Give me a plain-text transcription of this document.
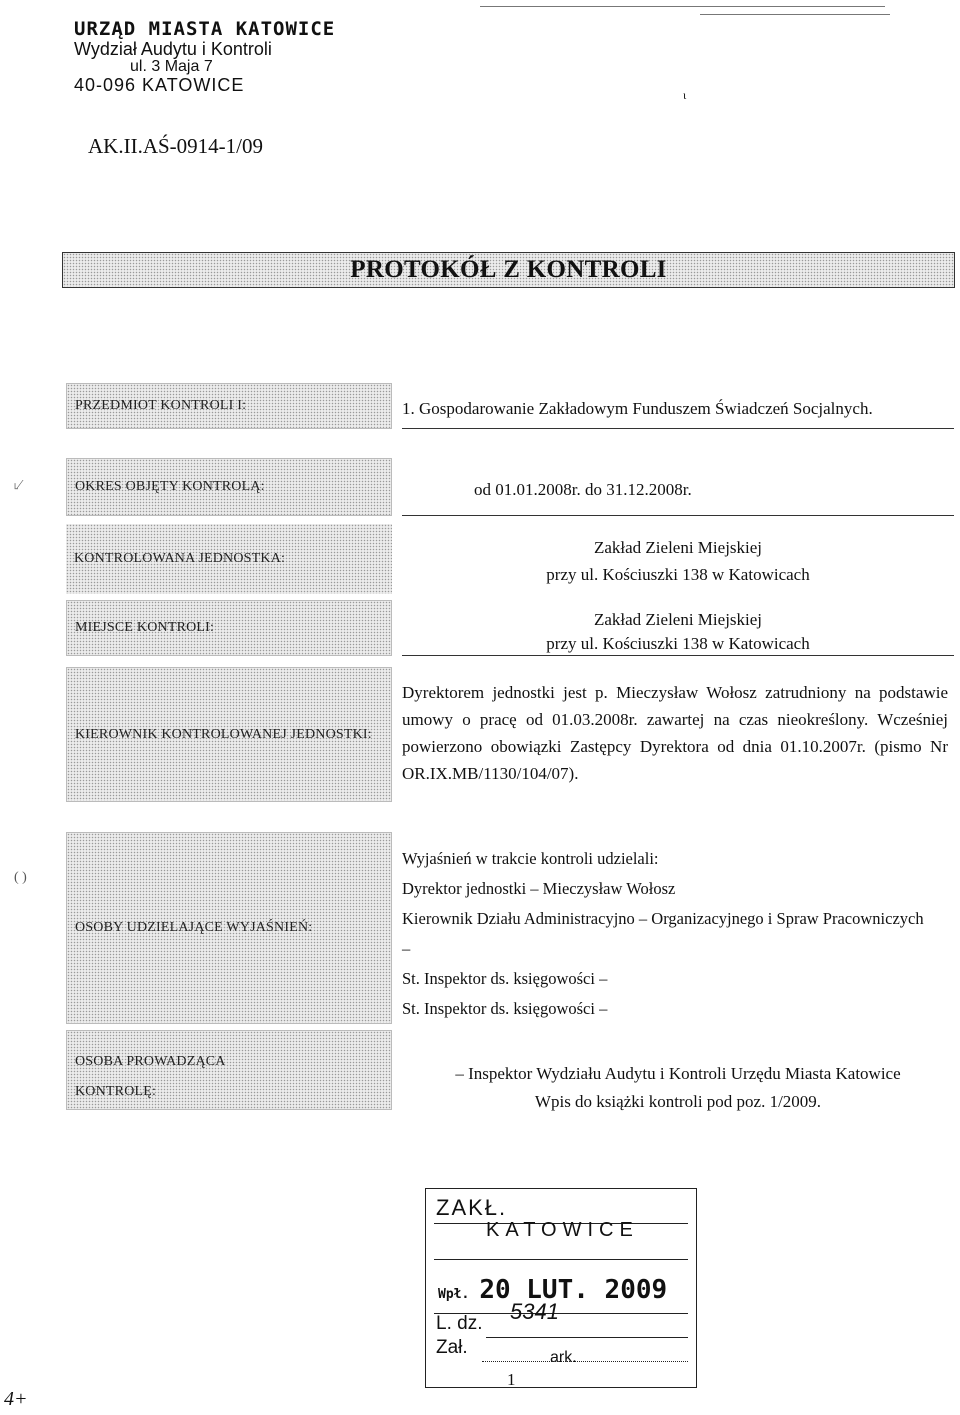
URZĄD MIASTA KATOWICE
Wydział Audytu i Kontroli
ul. 3 Maja 7
40-096 KATOWICE
ɩ
AK.II.AŚ-0914-1/09
PROTOKÓŁ Z KONTROLI
PRZEDMIOT KONTROLI I:	1. Gospodarowanie Zakładowym Funduszem Świadczeń Socjalnych.
˪⁄	OKRES OBJĘTY KONTROLĄ:	od 01.01.2008r. do 31.12.2008r.
KONTROLOWANA JEDNOSTKA:
Zakład Zieleni Miejskiej
przy ul. Kościuszki 138 w Katowicach
MIEJSCE KONTROLI:	Zakład Zieleni Miejskiej
przy ul. Kościuszki 138 w Katowicach
KIEROWNIK KONTROLOWANEJ JEDNOSTKI:
Dyrektorem jednostki jest p. Mieczysław Wołosz zatrudniony na podstawie umowy o pracę od 01.03.2008r. zawartej na czas nieokreślony. Wcześniej powierzono obowiązki Zastępcy Dyrektora od dnia 01.10.2007r. (pismo Nr OR.IX.MB/1130/104/07).
( )
OSOBY UDZIELAJĄCE WYJAŚNIEŃ:
Wyjaśnień w trakcie kontroli udzielali:
Dyrektor jednostki – Mieczysław Wołosz
Kierownik Działu Administracyjno – Organizacyjnego i Spraw Pracowniczych
–
St. Inspektor ds. księgowości –
St. Inspektor ds. księgowości –
OSOBA PROWADZĄCA
KONTROLĘ:
– Inspektor Wydziału Audytu i Kontroli Urzędu Miasta Katowice
Wpis do książki kontroli pod poz. 1/2009.
ZAKŁ.
KATOWICE
Wpł. 20 LUT. 2009
L. dz. 5341
Zał.	ark.
1
4+
